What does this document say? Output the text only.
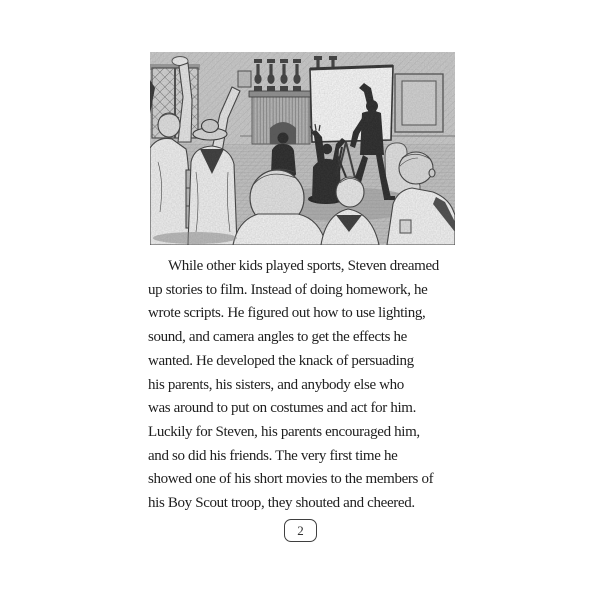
While other kids played sports, Steven dreamed
up stories to film. Instead of doing homework, he
wrote scripts. He figured out how to use lighting,
sound, and camera angles to get the effects he
wanted. He developed the knack of persuading
his parents, his sisters, and anybody else who
was around to put on costumes and act for him.
Luckily for Steven, his parents encouraged him,
and so did his friends. The very first time he
showed one of his short movies to the members of
his Boy Scout troop, they shouted and cheered.
2
